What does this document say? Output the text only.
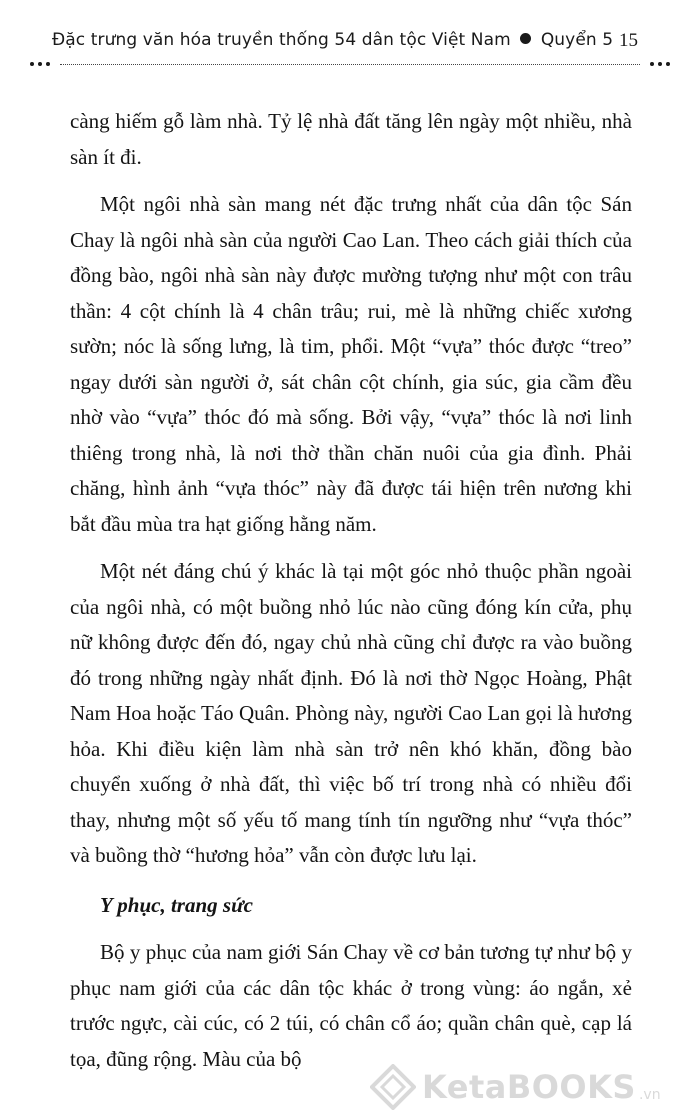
Đặc trưng văn hóa truyền thống 54 dân tộc Việt Nam Quyển 5 15

càng hiếm gỗ làm nhà. Tỷ lệ nhà đất tăng lên ngày một nhiều, nhà sàn ít đi.

Một ngôi nhà sàn mang nét đặc trưng nhất của dân tộc Sán Chay là ngôi nhà sàn của người Cao Lan. Theo cách giải thích của đồng bào, ngôi nhà sàn này được mường tượng như một con trâu thần: 4 cột chính là 4 chân trâu; rui, mè là những chiếc xương sườn; nóc là sống lưng, là tim, phổi. Một “vựa” thóc được “treo” ngay dưới sàn người ở, sát chân cột chính, gia súc, gia cầm đều nhờ vào “vựa” thóc đó mà sống. Bởi vậy, “vựa” thóc là nơi linh thiêng trong nhà, là nơi thờ thần chăn nuôi của gia đình. Phải chăng, hình ảnh “vựa thóc” này đã được tái hiện trên nương khi bắt đầu mùa tra hạt giống hằng năm.

Một nét đáng chú ý khác là tại một góc nhỏ thuộc phần ngoài của ngôi nhà, có một buồng nhỏ lúc nào cũng đóng kín cửa, phụ nữ không được đến đó, ngay chủ nhà cũng chỉ được ra vào buồng đó trong những ngày nhất định. Đó là nơi thờ Ngọc Hoàng, Phật Nam Hoa hoặc Táo Quân. Phòng này, người Cao Lan gọi là hương hỏa. Khi điều kiện làm nhà sàn trở nên khó khăn, đồng bào chuyển xuống ở nhà đất, thì việc bố trí trong nhà có nhiều đổi thay, nhưng một số yếu tố mang tính tín ngưỡng như “vựa thóc” và buồng thờ “hương hỏa” vẫn còn được lưu lại.

Y phục, trang sức

Bộ y phục của nam giới Sán Chay về cơ bản tương tự như bộ y phục nam giới của các dân tộc khác ở trong vùng: áo ngắn, xẻ trước ngực, cài cúc, có 2 túi, có chân cổ áo; quần chân què, cạp lá tọa, đũng rộng. Màu của bộ

KetaBOOKS .vn
